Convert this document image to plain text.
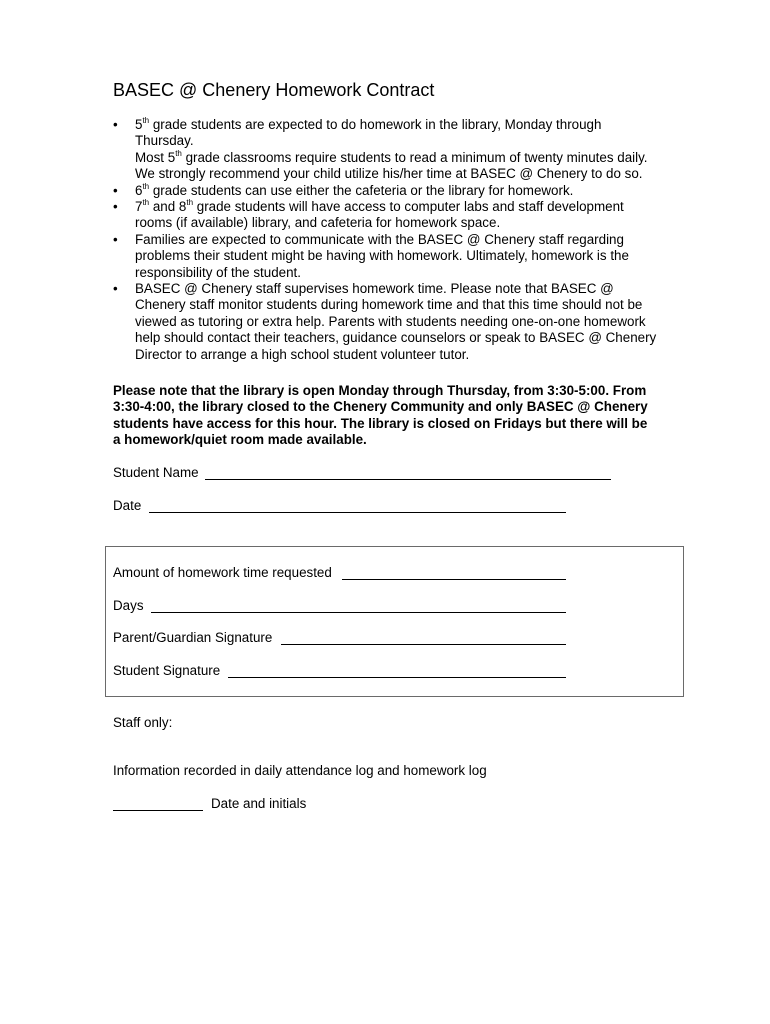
BASEC @ Chenery Homework Contract
•	5th grade students are expected to do homework in the library, Monday through
Thursday.
Most 5th grade classrooms require students to read a minimum of twenty minutes daily.
We strongly recommend your child utilize his/her time at BASEC @ Chenery to do so.
•	6th grade students can use either the cafeteria or the library for homework.
•	7th and 8th grade students will have access to computer labs and staff development
rooms (if available) library, and cafeteria for homework space.
•	Families are expected to communicate with the BASEC @ Chenery staff regarding
problems their student might be having with homework. Ultimately, homework is the
responsibility of the student.
•	BASEC @ Chenery staff supervises homework time. Please note that BASEC @
Chenery staff monitor students during homework time and that this time should not be
viewed as tutoring or extra help. Parents with students needing one-on-one homework
help should contact their teachers, guidance counselors or speak to BASEC @ Chenery
Director to arrange a high school student volunteer tutor.
Please note that the library is open Monday through Thursday, from 3:30-5:00. From
3:30-4:00, the library closed to the Chenery Community and only BASEC @ Chenery
students have access for this hour. The library is closed on Fridays but there will be
a homework/quiet room made available.
Student Name
Date
Amount of homework time requested
Days
Parent/Guardian Signature
Student Signature
Staff only:
Information recorded in daily attendance log and homework log
Date and initials
